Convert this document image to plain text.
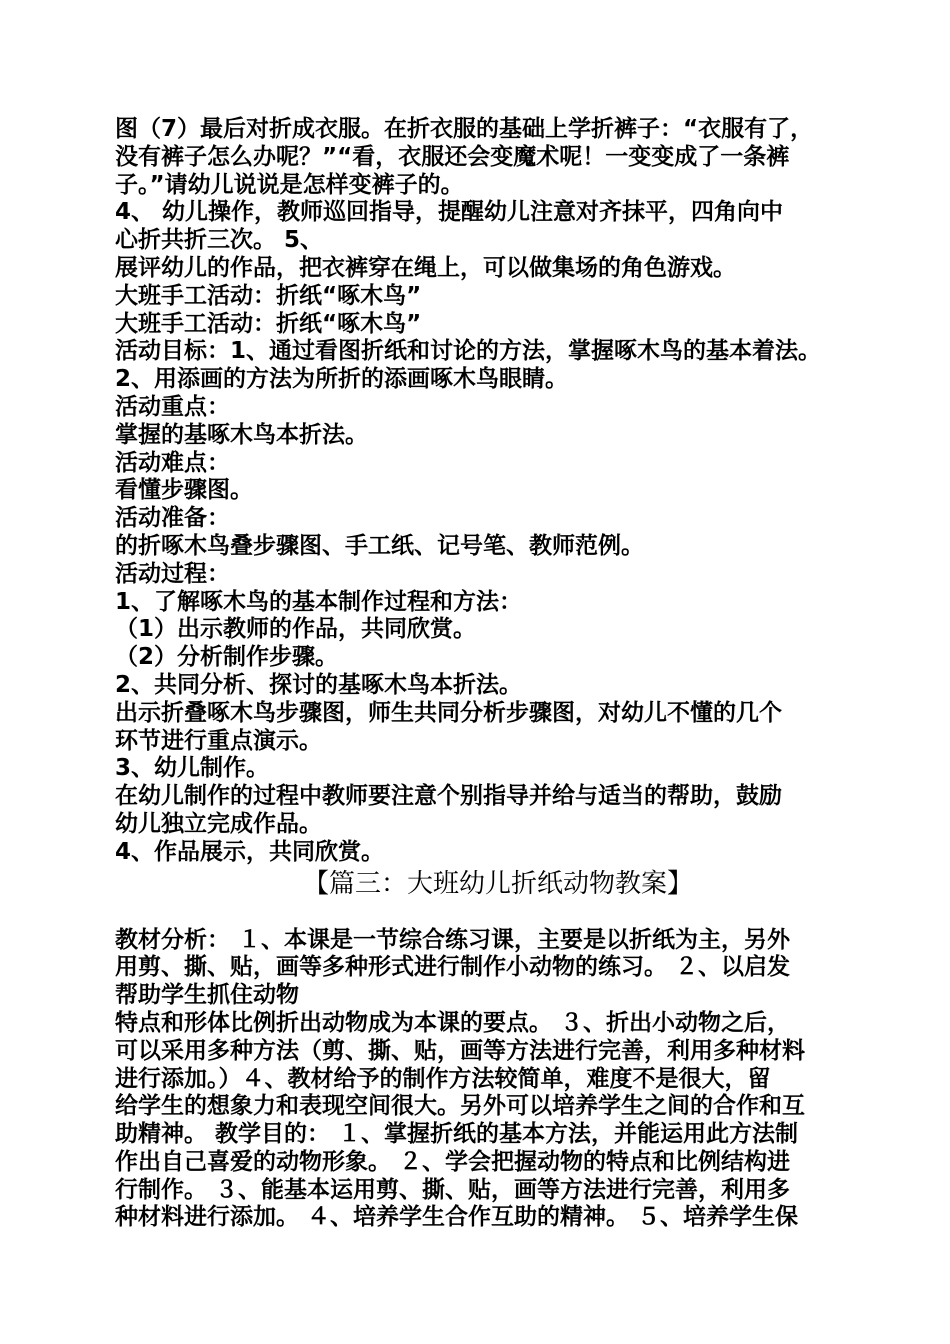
图（7）最后对折成衣服。在折衣服的基础上学折裤子：“衣服有了，
没有裤子怎么办呢？”“看，衣服还会变魔术呢！一变变成了一条裤
子。”请幼儿说说是怎样变裤子的。
4、 幼儿操作，教师巡回指导，提醒幼儿注意对齐抹平，四角向中
心折共折三次。 5、
展评幼儿的作品，把衣裤穿在绳上，可以做集场的角色游戏。
大班手工活动：折纸“啄木鸟”
大班手工活动：折纸“啄木鸟”
活动目标：1、通过看图折纸和讨论的方法，掌握啄木鸟的基本着法。
2、用添画的方法为所折的添画啄木鸟眼睛。
活动重点：
掌握的基啄木鸟本折法。
活动难点：
看懂步骤图。
活动准备：
的折啄木鸟叠步骤图、手工纸、记号笔、教师范例。
活动过程：
1、了解啄木鸟的基本制作过程和方法：
（1）出示教师的作品，共同欣赏。
（2）分析制作步骤。
2、共同分析、探讨的基啄木鸟本折法。
出示折叠啄木鸟步骤图，师生共同分析步骤图，对幼儿不懂的几个
环节进行重点演示。
3、幼儿制作。
在幼儿制作的过程中教师要注意个别指导并给与适当的帮助，鼓励
幼儿独立完成作品。
4、作品展示，共同欣赏。
【篇三：大班幼儿折纸动物教案】
教材分析： １、本课是一节综合练习课，主要是以折纸为主，另外
用剪、撕、贴，画等多种形式进行制作小动物的练习。 ２、以启发
帮助学生抓住动物
特点和形体比例折出动物成为本课的要点。 ３、折出小动物之后，
可以采用多种方法（剪、撕、贴，画等方法进行完善，利用多种材料
进行添加。）４、教材给予的制作方法较简单，难度不是很大，留
给学生的想象力和表现空间很大。另外可以培养学生之间的合作和互
助精神。 教学目的： １、掌握折纸的基本方法，并能运用此方法制
作出自己喜爱的动物形象。 ２、学会把握动物的特点和比例结构进
行制作。 ３、能基本运用剪、撕、贴，画等方法进行完善，利用多
种材料进行添加。 ４、培养学生合作互助的精神。 ５、培养学生保
